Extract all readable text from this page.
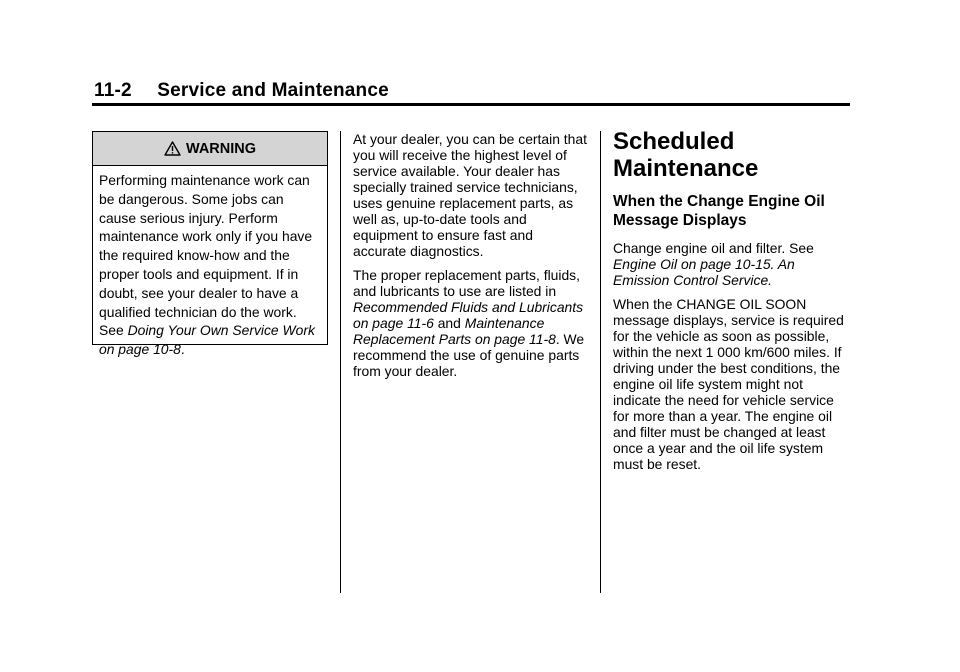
11-2 Service and Maintenance
WARNING
Performing maintenance work can be dangerous. Some jobs can cause serious injury. Perform maintenance work only if you have the required know-how and the proper tools and equipment. If in doubt, see your dealer to have a qualified technician do the work. See Doing Your Own Service Work on page 10-8.

At your dealer, you can be certain that you will receive the highest level of service available. Your dealer has specially trained service technicians, uses genuine replacement parts, as well as, up-to-date tools and equipment to ensure fast and accurate diagnostics.

The proper replacement parts, fluids, and lubricants to use are listed in Recommended Fluids and Lubricants on page 11-6 and Maintenance Replacement Parts on page 11-8. We recommend the use of genuine parts from your dealer.

Scheduled Maintenance
When the Change Engine Oil Message Displays

Change engine oil and filter. See Engine Oil on page 10-15. An Emission Control Service.

When the CHANGE OIL SOON message displays, service is required for the vehicle as soon as possible, within the next 1 000 km/600 miles. If driving under the best conditions, the engine oil life system might not indicate the need for vehicle service for more than a year. The engine oil and filter must be changed at least once a year and the oil life system must be reset.
